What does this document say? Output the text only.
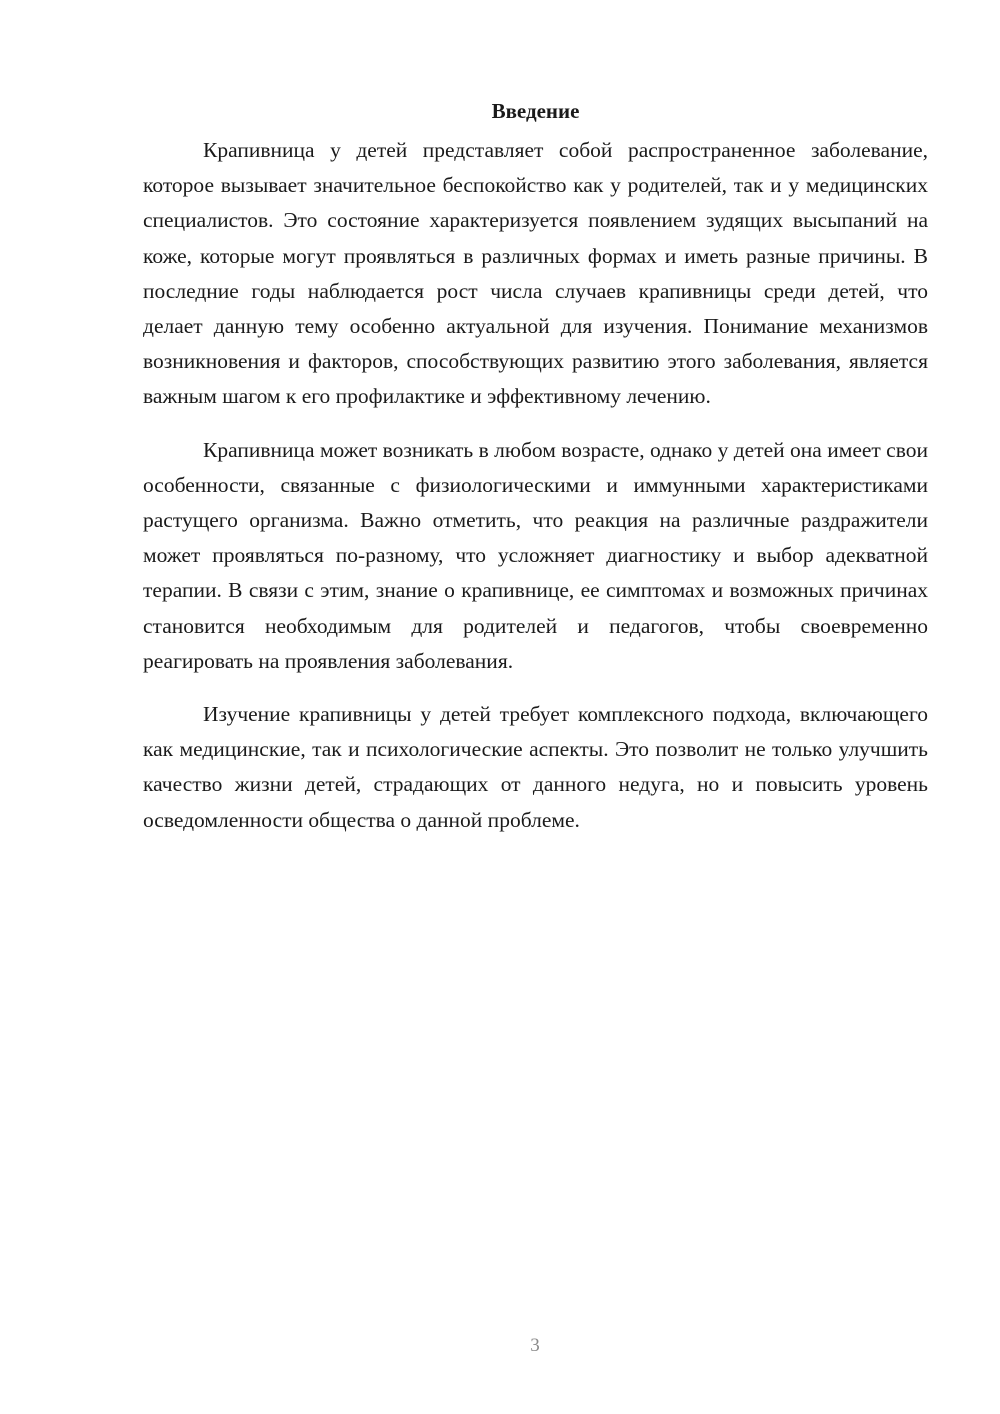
Введение

Крапивница у детей представляет собой распространенное заболевание, которое вызывает значительное беспокойство как у родителей, так и у медицинских специалистов. Это состояние характеризуется появлением зудящих высыпаний на коже, которые могут проявляться в различных формах и иметь разные причины. В последние годы наблюдается рост числа случаев крапивницы среди детей, что делает данную тему особенно актуальной для изучения. Понимание механизмов возникновения и факторов, способствующих развитию этого заболевания, является важным шагом к его профилактике и эффективному лечению.

Крапивница может возникать в любом возрасте, однако у детей она имеет свои особенности, связанные с физиологическими и иммунными характеристиками растущего организма. Важно отметить, что реакция на различные раздражители может проявляться по-разному, что усложняет диагностику и выбор адекватной терапии. В связи с этим, знание о крапивнице, ее симптомах и возможных причинах становится необходимым для родителей и педагогов, чтобы своевременно реагировать на проявления заболевания.

Изучение крапивницы у детей требует комплексного подхода, включающего как медицинские, так и психологические аспекты. Это позволит не только улучшить качество жизни детей, страдающих от данного недуга, но и повысить уровень осведомленности общества о данной проблеме.

3
